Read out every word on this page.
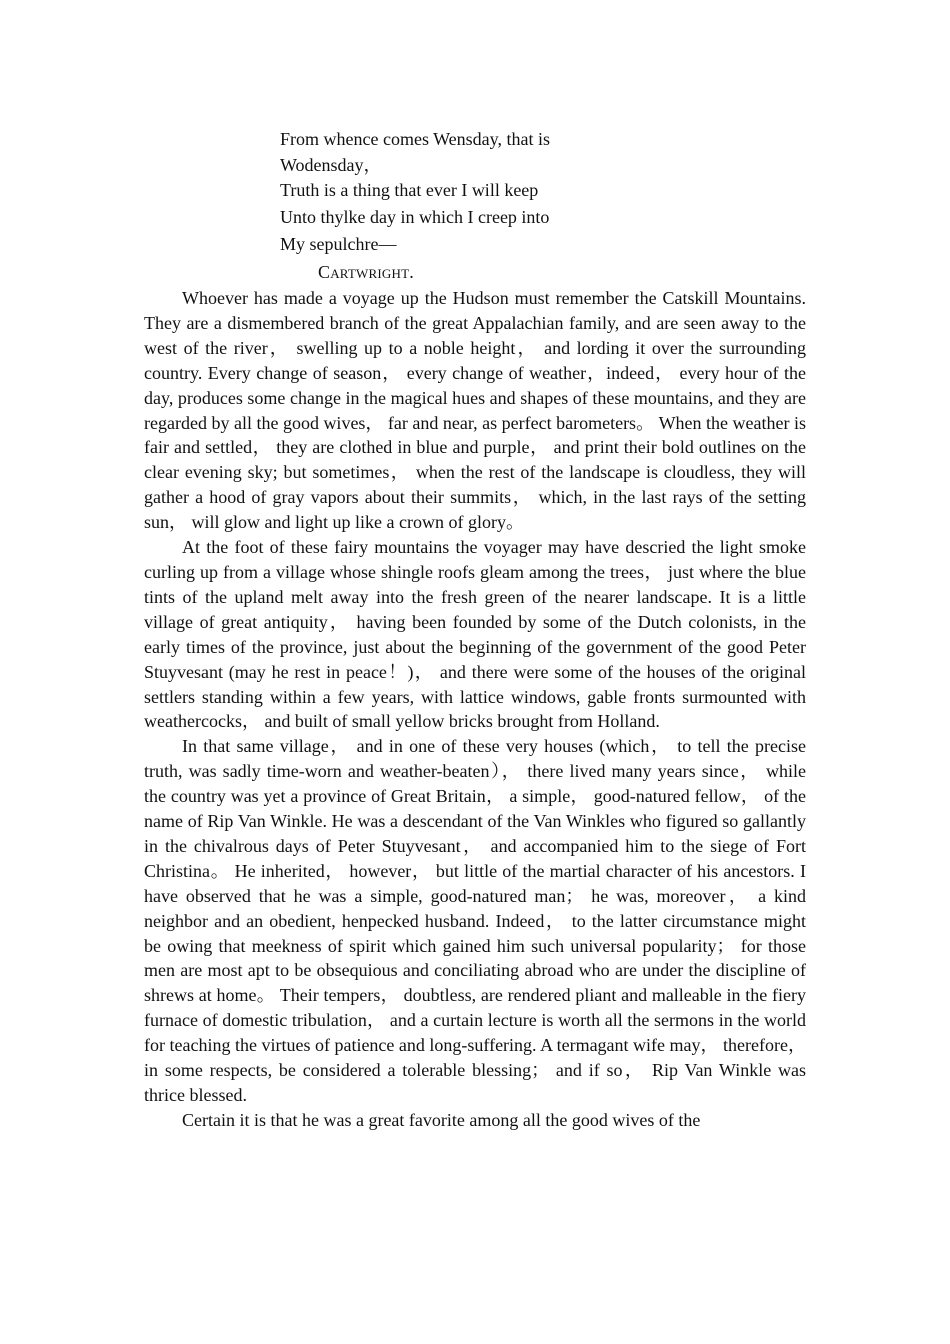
From whence comes Wensday, that is
Wodensday，
Truth is a thing that ever I will keep
Unto thylke day in which I creep into
My sepulchre—
Cartwright.

Whoever has made a voyage up the Hudson must remember the Catskill Mountains. They are a dismembered branch of the great Appalachian family, and are seen away to the west of the river， swelling up to a noble height， and lording it over the surrounding country. Every change of season， every change of weather，indeed， every hour of the day, produces some change in the magical hues and shapes of these mountains, and they are regarded by all the good wives， far and near, as perfect barometers。 When the weather is fair and settled， they are clothed in blue and purple， and print their bold outlines on the clear evening sky; but sometimes， when the rest of the landscape is cloudless, they will gather a hood of gray vapors about their summits， which, in the last rays of the setting sun， will glow and light up like a crown of glory。

At the foot of these fairy mountains the voyager may have descried the light smoke curling up from a village whose shingle roofs gleam among the trees， just where the blue tints of the upland melt away into the fresh green of the nearer landscape. It is a little village of great antiquity， having been founded by some of the Dutch colonists, in the early times of the province, just about the beginning of the government of the good Peter Stuyvesant (may he rest in peace！)， and there were some of the houses of the original settlers standing within a few years, with lattice windows, gable fronts surmounted with weathercocks， and built of small yellow bricks brought from Holland.

In that same village， and in one of these very houses (which， to tell the precise truth, was sadly time-worn and weather-beaten）， there lived many years since， while the country was yet a province of Great Britain， a simple， good-natured fellow， of the name of Rip Van Winkle. He was a descendant of the Van Winkles who figured so gallantly in the chivalrous days of Peter Stuyvesant， and accompanied him to the siege of Fort Christina。 He inherited， however， but little of the martial character of his ancestors. I have observed that he was a simple, good-natured man； he was, moreover， a kind neighbor and an obedient, henpecked husband. Indeed， to the latter circumstance might be owing that meekness of spirit which gained him such universal popularity； for those men are most apt to be obsequious and conciliating abroad who are under the discipline of shrews at home。 Their tempers， doubtless, are rendered pliant and malleable in the fiery furnace of domestic tribulation， and a curtain lecture is worth all the sermons in the world for teaching the virtues of patience and long-suffering. A termagant wife may， therefore， in some respects, be considered a tolerable blessing； and if so， Rip Van Winkle was thrice blessed.

Certain it is that he was a great favorite among all the good wives of the
